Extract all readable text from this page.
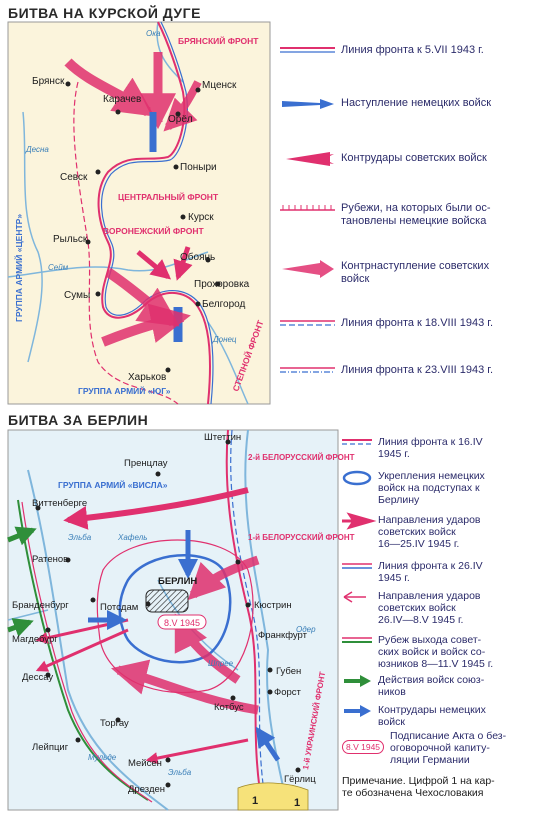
БИТВА НА КУРСКОЙ ДУГЕ
Брянск
Карачев
Мценск
Орёл
Поныри
Севск
Курск
Рыльск
Обоянь
Прохоровка
Сумы
Белгород
Харьков
БРЯНСКИЙ ФРОНТ
ЦЕНТРАЛЬНЫЙ ФРОНТ
ВОРОНЕЖСКИЙ ФРОНТ
СТЕПНОЙ ФРОНТ
ГРУППА АРМИЙ «ЦЕНТР»
ГРУППА АРМИЙ «ЮГ»
Ока
Десна
Сейм
Донец
Линия фронта к 5.VII 1943 г.
Наступление немецких войск
Контрудары советских войск
Рубежи, на которых были ос-
тановлены немецкие войска
Контрнаступление советских
войск
Линия фронта к 18.VIII 1943 г.
Линия фронта к 23.VIII 1943 г.
БИТВА ЗА БЕРЛИН
Штеттин
Пренцлау
Виттенберге
Ратенов
БЕРЛИН
Кюстрин
Бранденбург	Потсдам
Франкфурт
Магдебург
Губен
Дессау
Форст
Котбус
Торгау
Лейпциг
Мейсен
Дрезден
Гёрлиц
2-й БЕЛОРУССКИЙ ФРОНТ
1-й БЕЛОРУССКИЙ ФРОНТ
1-й УКРАИНСКИЙ ФРОНТ
ГРУППА АРМИЙ «ВИСЛА»
Одер
Эльба
Эльба
Шпрее
Мульде
Хафель
8.V 1945
1	1
Линия фронта к 16.IV
1945 г.
Укрепления немецких
войск на подступах к
Берлину
Направления ударов
советских войск
16—25.IV 1945 г.
Линия фронта к 26.IV
1945 г.
Направления ударов
советских войск
26.IV—8.V 1945 г.
Рубеж выхода совет-
ских войск и войск со-
юзников 8—11.V 1945 г.
Действия войск союз-
ников
Контрудары немецких
войск
8.V 1945
Подписание Акта о без-
оговорочной капиту-
ляции Германии
Примечание. Цифрой 1 на кар-
те обозначена Чехословакия
